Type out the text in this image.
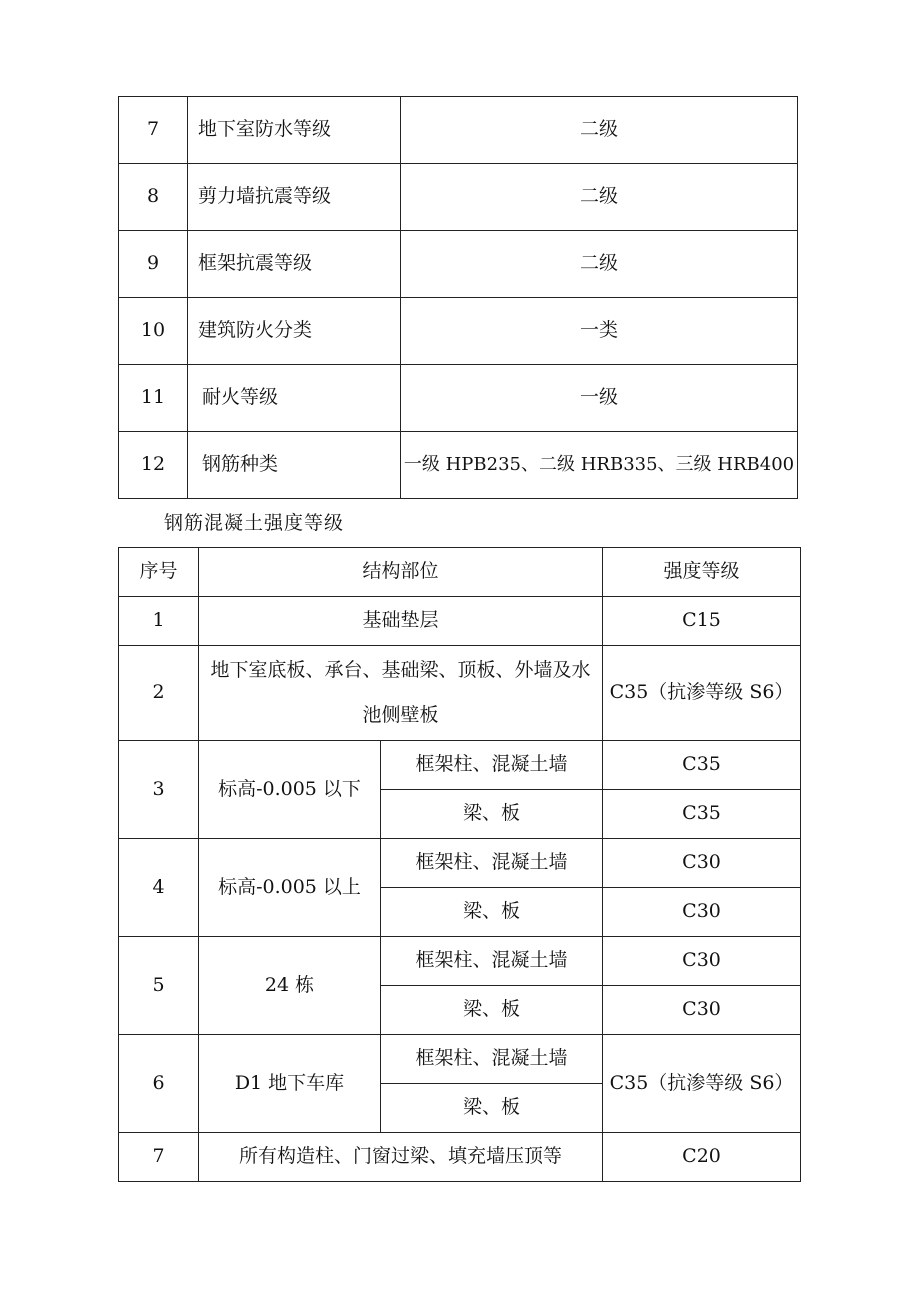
7	地下室防水等级	二级
8	剪力墙抗震等级	二级
9	框架抗震等级	二级
10	建筑防火分类	一类
11	耐火等级	一级
12	钢筋种类	一级 HPB235、二级 HRB335、三级 HRB400
钢筋混凝土强度等级
序号	结构部位		强度等级
1	基础垫层		C15
2	地下室底板、承台、基础梁、顶板、外墙及水池侧壁板		C35（抗渗等级 S6）
3	标高-0.005 以下	框架柱、混凝土墙	C35
		梁、板	C35
4	标高-0.005 以上	框架柱、混凝土墙	C30
		梁、板	C30
5	24 栋	框架柱、混凝土墙	C30
		梁、板	C30
6	D1 地下车库	框架柱、混凝土墙	C35（抗渗等级 S6）
		梁、板	
7	所有构造柱、门窗过梁、填充墙压顶等		C20
